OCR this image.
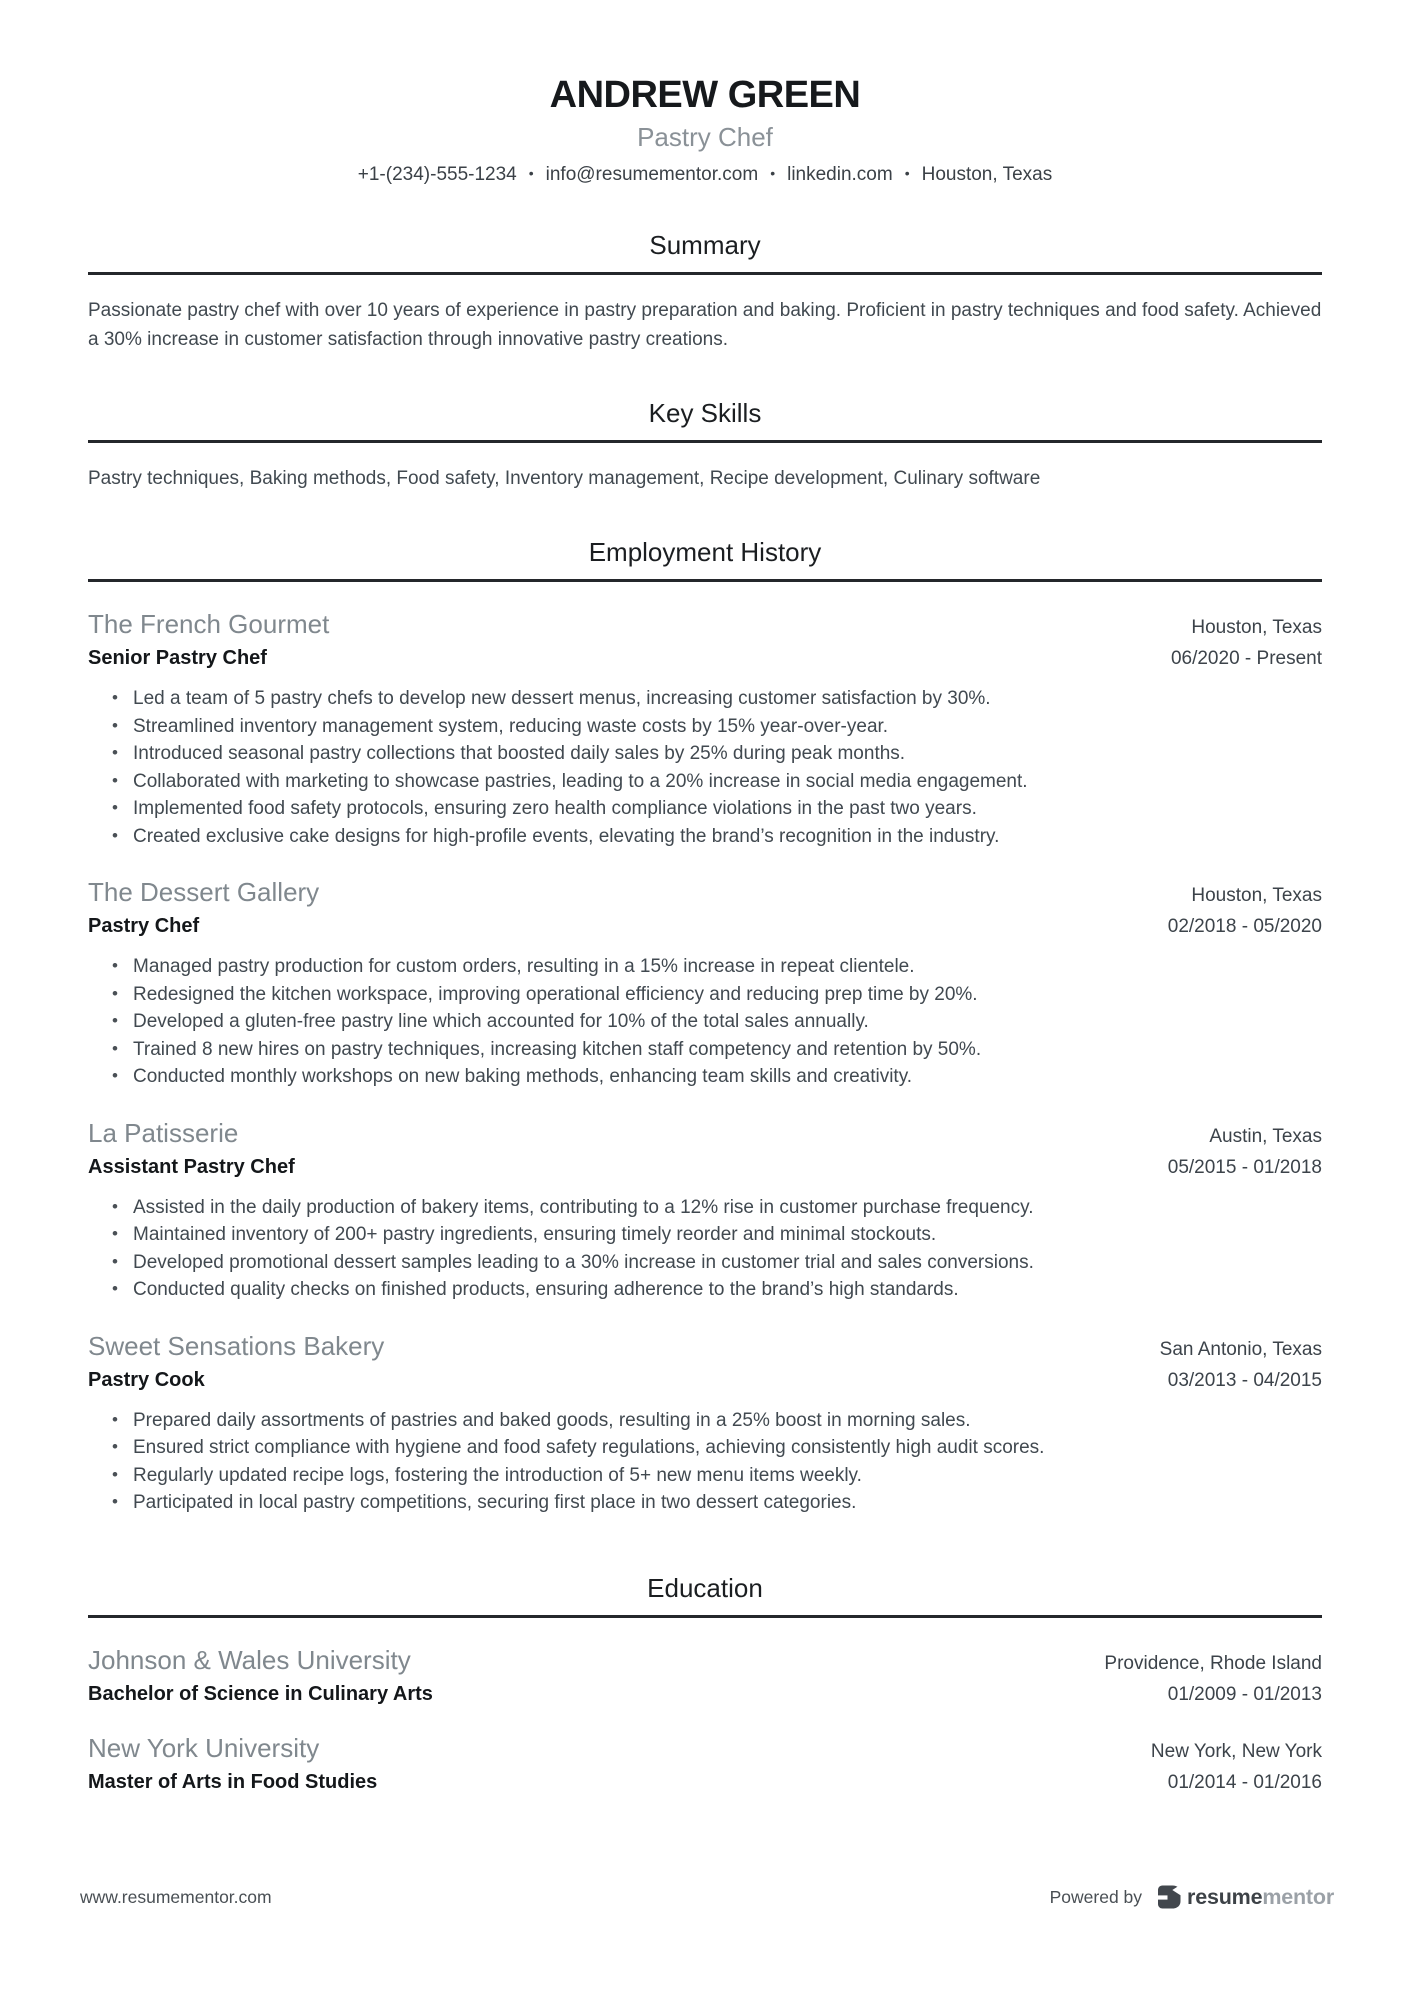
ANDREW GREEN
Pastry Chef
+1-(234)-555-1234 • info@resumementor.com • linkedin.com • Houston, Texas
Summary

Passionate pastry chef with over 10 years of experience in pastry preparation and baking. Proficient in pastry techniques and food safety. Achieved a 30% increase in customer satisfaction through innovative pastry creations.

Key Skills

Pastry techniques, Baking methods, Food safety, Inventory management, Recipe development, Culinary software

Employment History
The French Gourmet	Houston, Texas
Senior Pastry Chef	06/2020 - Present
• Led a team of 5 pastry chefs to develop new dessert menus, increasing customer satisfaction by 30%.
• Streamlined inventory management system, reducing waste costs by 15% year-over-year.
• Introduced seasonal pastry collections that boosted daily sales by 25% during peak months.
• Collaborated with marketing to showcase pastries, leading to a 20% increase in social media engagement.
• Implemented food safety protocols, ensuring zero health compliance violations in the past two years.
• Created exclusive cake designs for high-profile events, elevating the brand’s recognition in the industry.
The Dessert Gallery	Houston, Texas
Pastry Chef	02/2018 - 05/2020
• Managed pastry production for custom orders, resulting in a 15% increase in repeat clientele.
• Redesigned the kitchen workspace, improving operational efficiency and reducing prep time by 20%.
• Developed a gluten-free pastry line which accounted for 10% of the total sales annually.
• Trained 8 new hires on pastry techniques, increasing kitchen staff competency and retention by 50%.
• Conducted monthly workshops on new baking methods, enhancing team skills and creativity.
La Patisserie	Austin, Texas
Assistant Pastry Chef	05/2015 - 01/2018
• Assisted in the daily production of bakery items, contributing to a 12% rise in customer purchase frequency.
• Maintained inventory of 200+ pastry ingredients, ensuring timely reorder and minimal stockouts.
• Developed promotional dessert samples leading to a 30% increase in customer trial and sales conversions.
• Conducted quality checks on finished products, ensuring adherence to the brand’s high standards.
Sweet Sensations Bakery	San Antonio, Texas
Pastry Cook	03/2013 - 04/2015
• Prepared daily assortments of pastries and baked goods, resulting in a 25% boost in morning sales.
• Ensured strict compliance with hygiene and food safety regulations, achieving consistently high audit scores.
• Regularly updated recipe logs, fostering the introduction of 5+ new menu items weekly.
• Participated in local pastry competitions, securing first place in two dessert categories.
Education
Johnson & Wales University	Providence, Rhode Island
Bachelor of Science in Culinary Arts	01/2009 - 01/2013
New York University	New York, New York
Master of Arts in Food Studies	01/2014 - 01/2016
www.resumementor.com	Powered by resumementor
